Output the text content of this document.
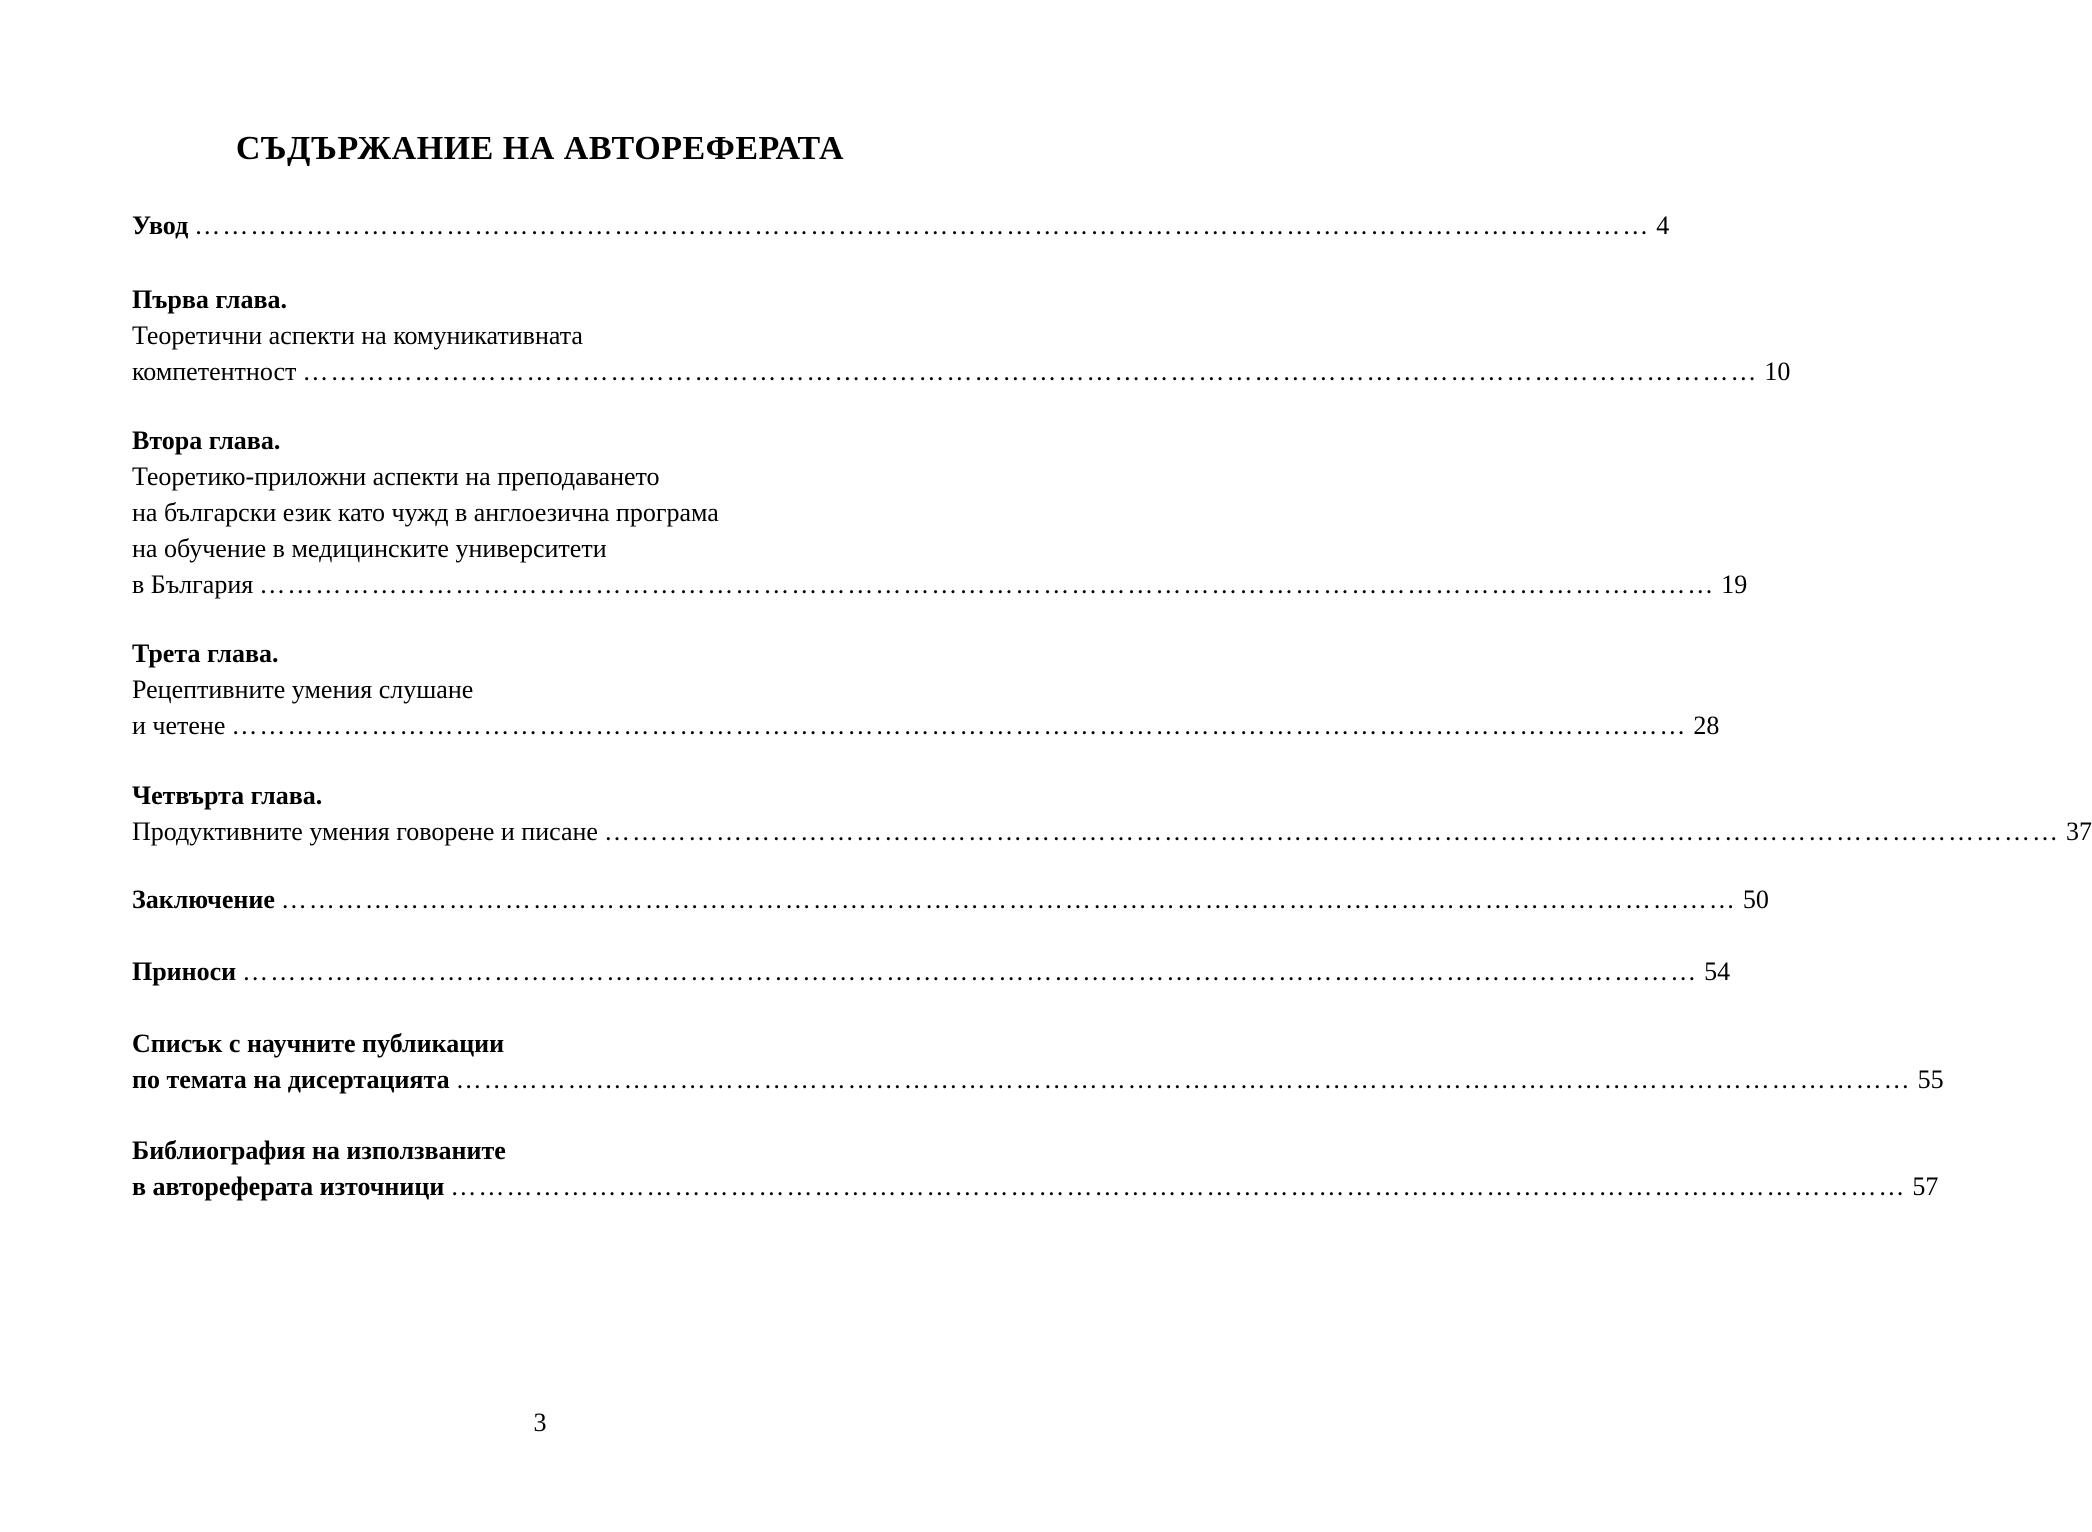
СЪДЪРЖАНИЕ НА АВТОРЕФЕРАТА
Увод ………………………………………………………………………………………………………………………………………… 4
Първа глава.
Теоретични аспекти на комуникативната
компетентност ………………………………………………………………………………………………………………………………………… 10
Втора глава.
Теоретико-приложни аспекти на преподаването
на български език като чужд в англоезична програма
на обучение в медицинските университети
в България ………………………………………………………………………………………………………………………………………… 19
Трета глава.
Рецептивните умения слушане
и четене ………………………………………………………………………………………………………………………………………… 28
Четвърта глава.
Продуктивните умения говорене и писане ………………………………………………………………………………………………………………………………………… 37
Заключение ………………………………………………………………………………………………………………………………………… 50
Приноси ………………………………………………………………………………………………………………………………………… 54
Списък с научните публикации
по темата на дисертацията ………………………………………………………………………………………………………………………………………… 55
Библиография на използваните
в автореферата източници ………………………………………………………………………………………………………………………………………… 57
3
